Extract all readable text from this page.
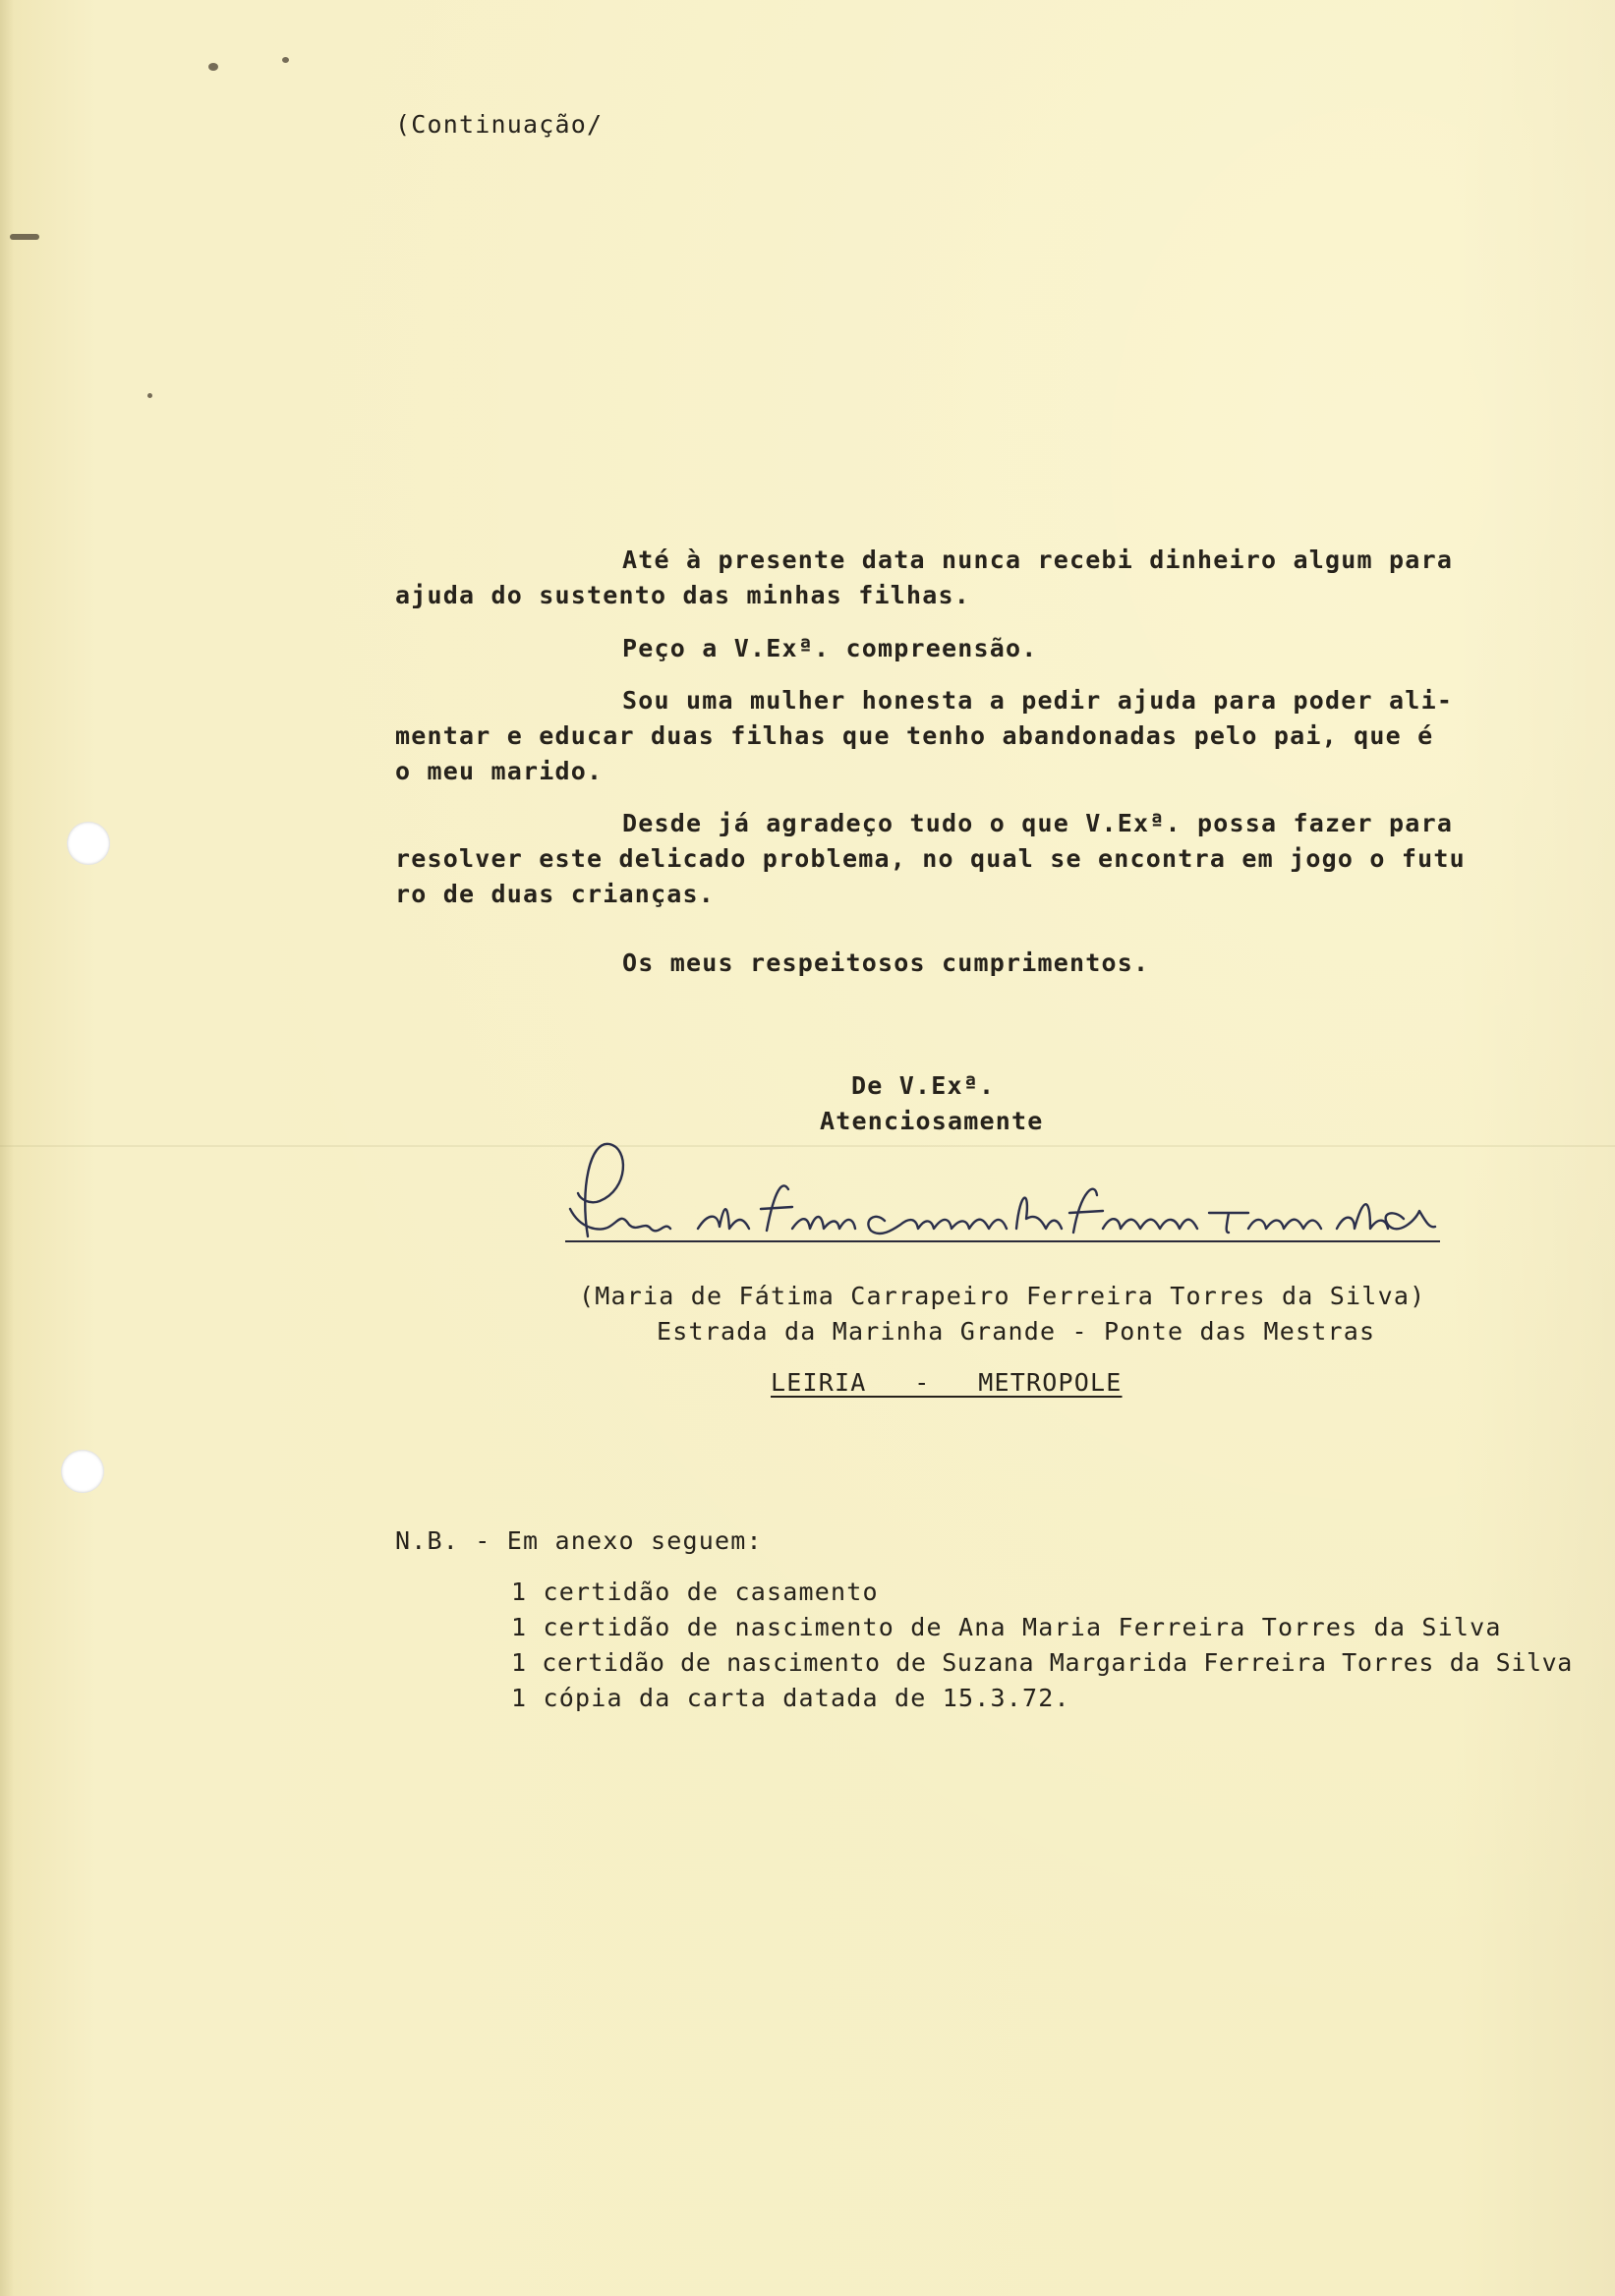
(Continuação/
Até à presente data nunca recebi dinheiro algum para
ajuda do sustento das minhas filhas.
Peço a V.Exª. compreensão.
Sou uma mulher honesta a pedir ajuda para poder ali-
mentar e educar duas filhas que tenho abandonadas pelo pai, que é
o meu marido.
Desde já agradeço tudo o que V.Exª. possa fazer para
resolver este delicado problema, no qual se encontra em jogo o futu
ro de duas crianças.
Os meus respeitosos cumprimentos.
De V.Exª.
Atenciosamente
(Maria de Fátima Carrapeiro Ferreira Torres da Silva)
Estrada da Marinha Grande - Ponte das Mestras
LEIRIA   -   METROPOLE
N.B. - Em anexo seguem:
1 certidão de casamento
1 certidão de nascimento de Ana Maria Ferreira Torres da Silva
1 certidão de nascimento de Suzana Margarida Ferreira Torres da Silva
1 cópia da carta datada de 15.3.72.
